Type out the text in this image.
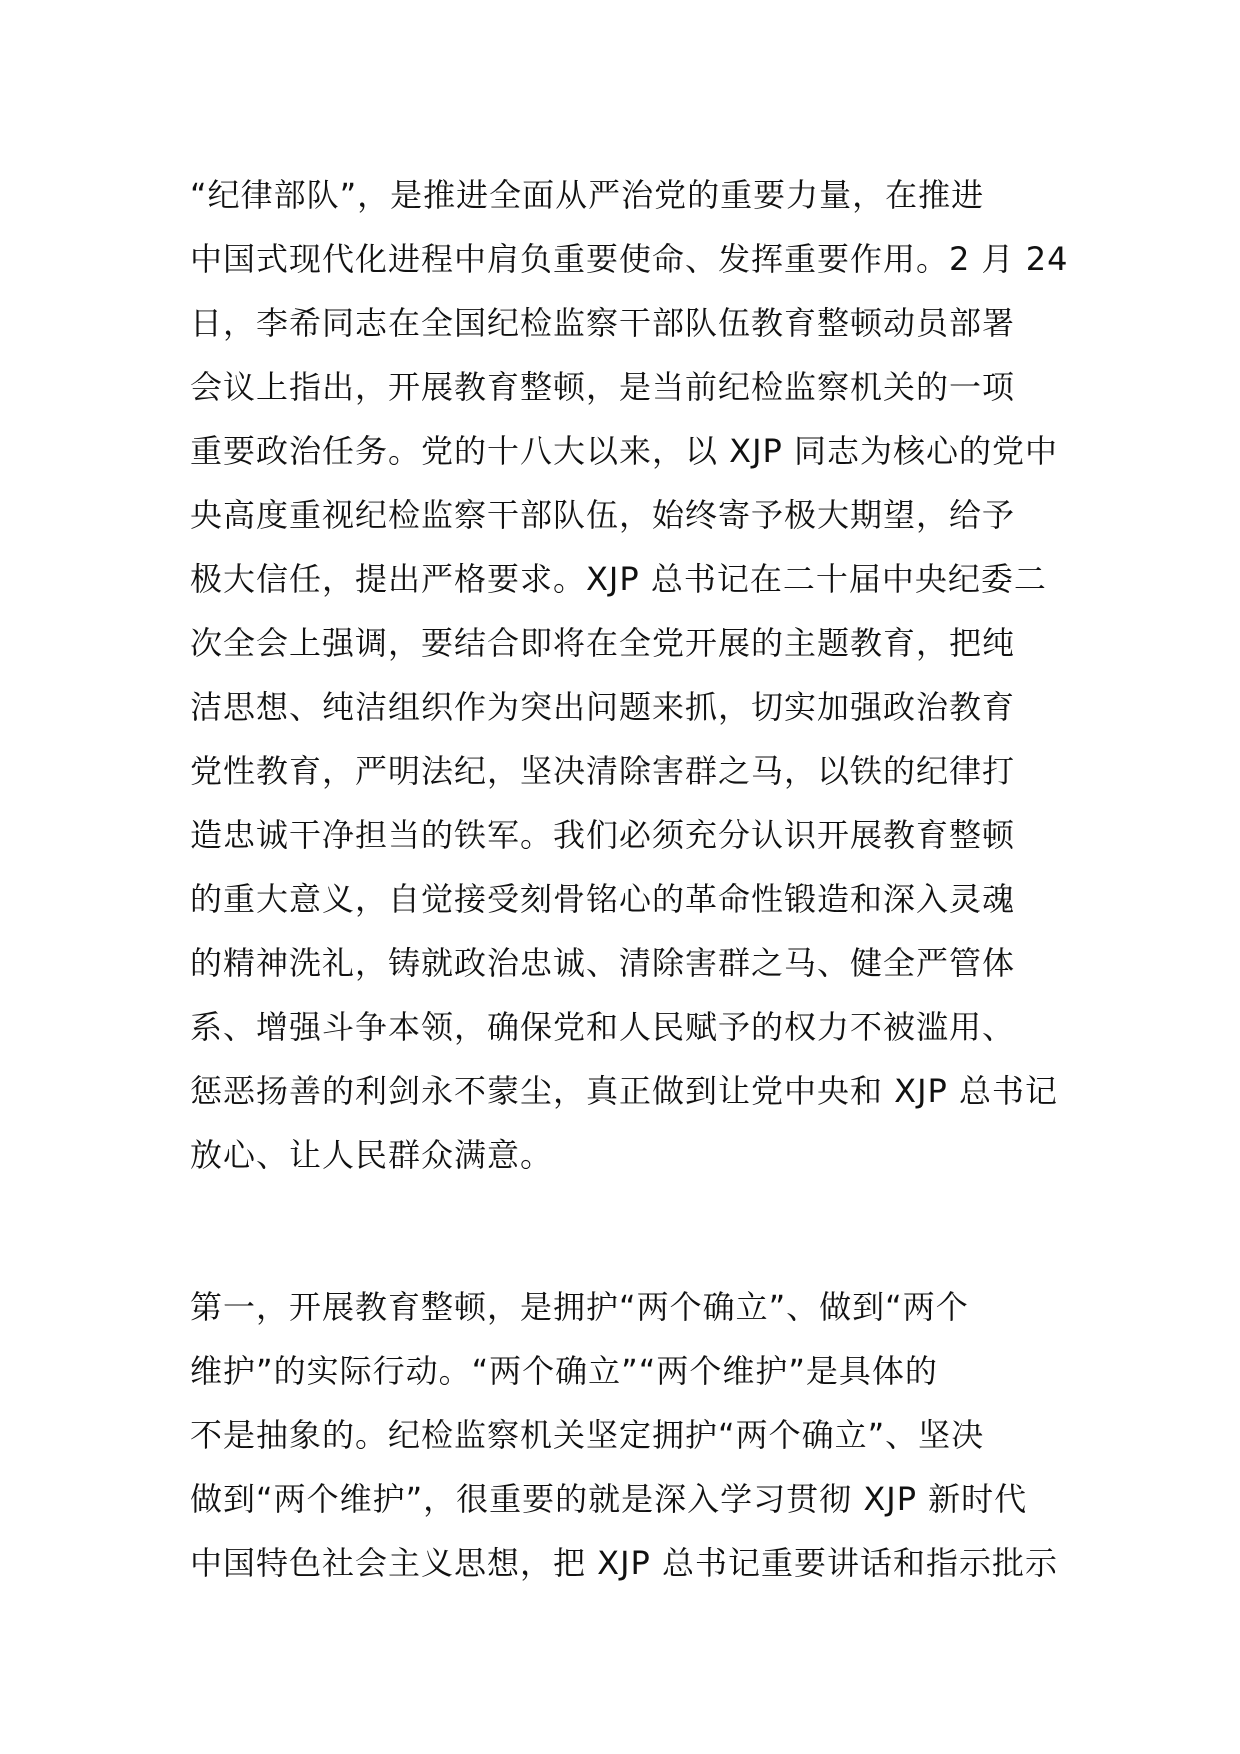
“纪律部队”，是推进全面从严治党的重要力量，在推进
中国式现代化进程中肩负重要使命、发挥重要作用。2 月 24
日，李希同志在全国纪检监察干部队伍教育整顿动员部署
会议上指出，开展教育整顿，是当前纪检监察机关的一项
重要政治任务。党的十八大以来，以 XJP 同志为核心的党中
央高度重视纪检监察干部队伍，始终寄予极大期望，给予
极大信任，提出严格要求。XJP 总书记在二十届中央纪委二
次全会上强调，要结合即将在全党开展的主题教育，把纯
洁思想、纯洁组织作为突出问题来抓，切实加强政治教育
党性教育，严明法纪，坚决清除害群之马，以铁的纪律打
造忠诚干净担当的铁军。我们必须充分认识开展教育整顿
的重大意义，自觉接受刻骨铭心的革命性锻造和深入灵魂
的精神洗礼，铸就政治忠诚、清除害群之马、健全严管体
系、增强斗争本领，确保党和人民赋予的权力不被滥用、
惩恶扬善的利剑永不蒙尘，真正做到让党中央和 XJP 总书记
放心、让人民群众满意。
第一，开展教育整顿，是拥护“两个确立”、做到“两个
维护”的实际行动。“两个确立”“两个维护”是具体的
不是抽象的。纪检监察机关坚定拥护“两个确立”、坚决
做到“两个维护”，很重要的就是深入学习贯彻 XJP 新时代
中国特色社会主义思想，把 XJP 总书记重要讲话和指示批示
